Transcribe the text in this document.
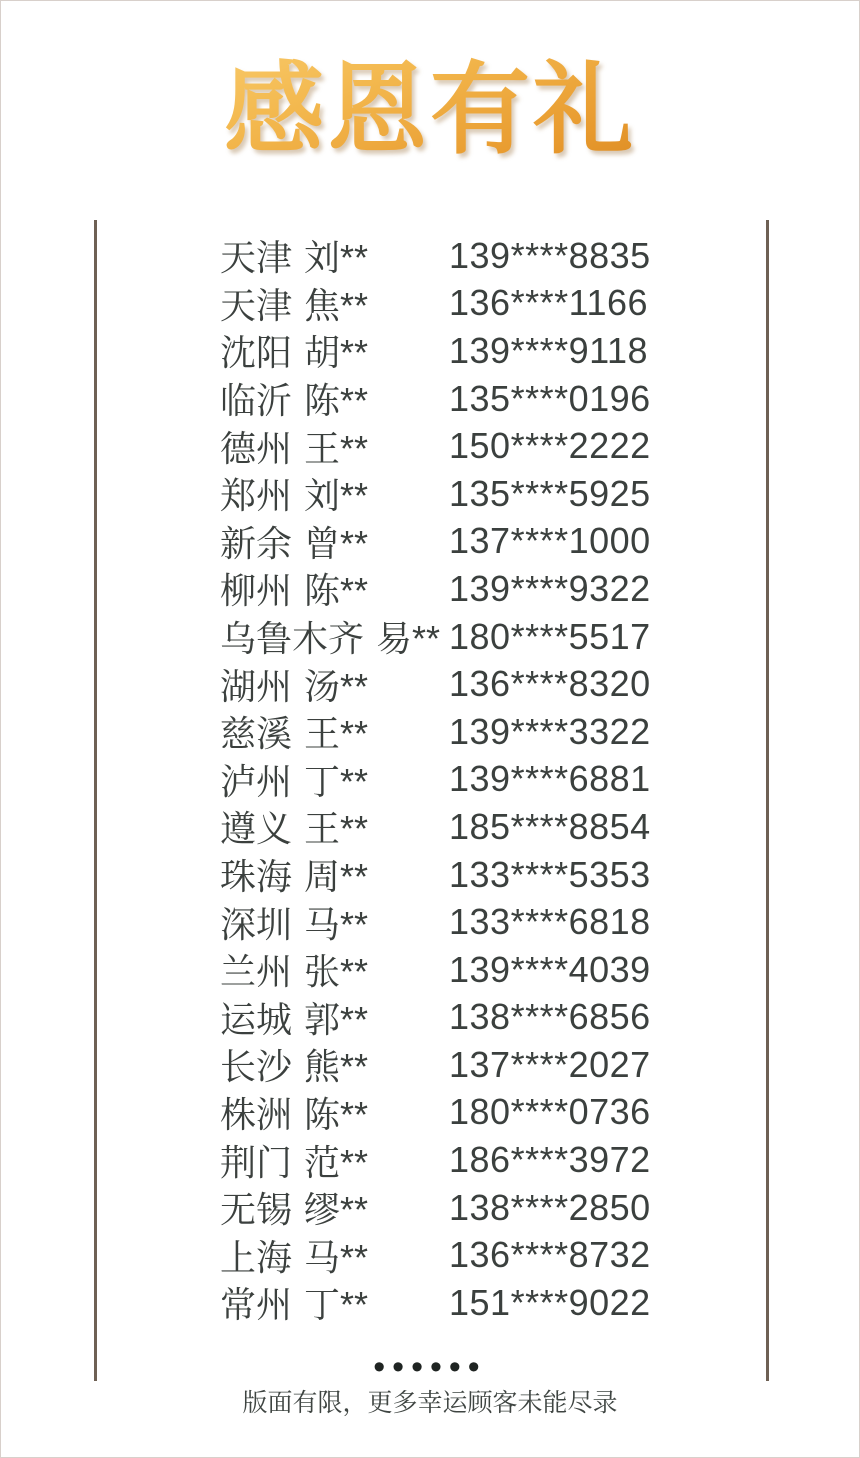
感恩有礼
天津 刘**	139****8835
天津 焦**	136****1166
沈阳 胡**	139****9118
临沂 陈**	135****0196
德州 王**	150****2222
郑州 刘**	135****5925
新余 曾**	137****1000
柳州 陈**	139****9322
乌鲁木齐 易** 180****5517
湖州 汤**	136****8320
慈溪 王**	139****3322
泸州 丁**	139****6881
遵义 王**	185****8854
珠海 周**	133****5353
深圳 马**	133****6818
兰州 张**	139****4039
运城 郭**	138****6856
长沙 熊**	137****2027
株洲 陈**	180****0736
荆门 范**	186****3972
无锡 缪**	138****2850
上海 马**	136****8732
常州 丁**	151****9022
••••••
版面有限，更多幸运顾客未能尽录
